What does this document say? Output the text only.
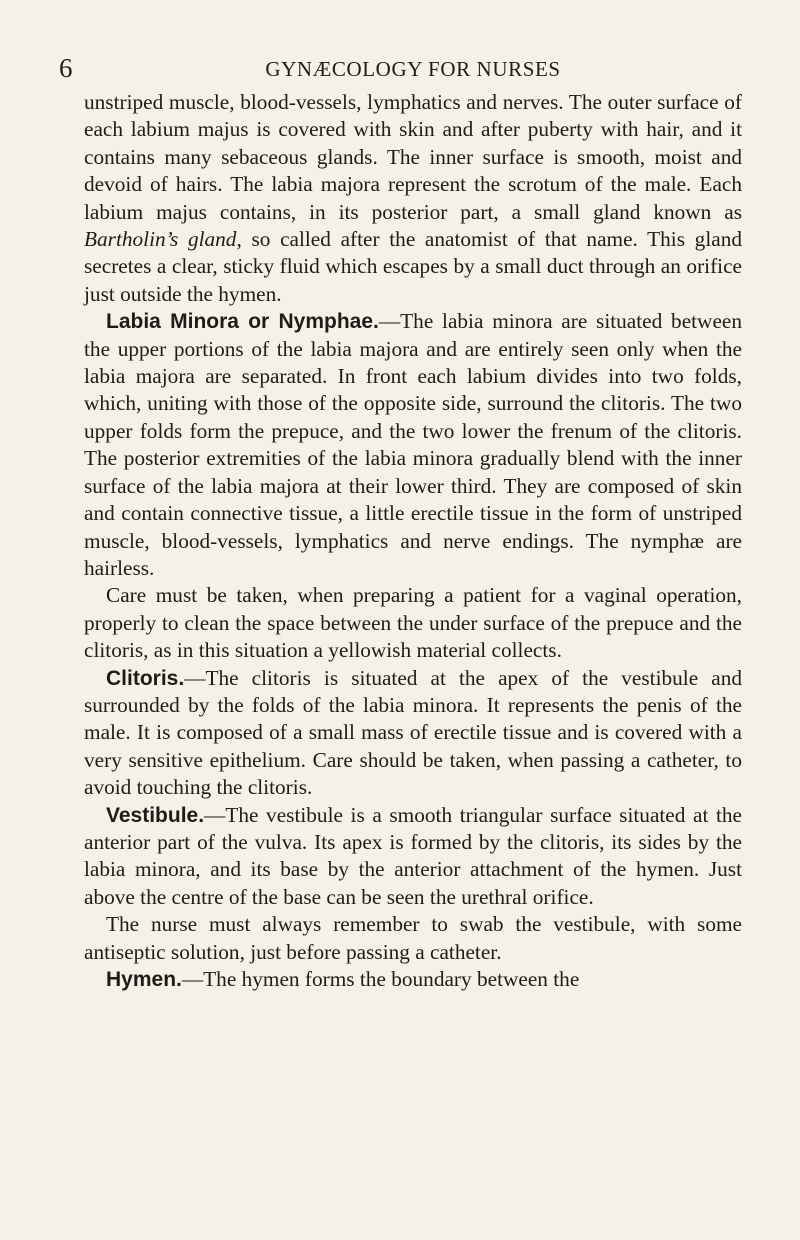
6	GYNÆCOLOGY FOR NURSES

unstriped muscle, blood-vessels, lymphatics and nerves. The outer surface of each labium majus is covered with skin and after puberty with hair, and it contains many sebaceous glands. The inner surface is smooth, moist and devoid of hairs. The labia majora represent the scrotum of the male. Each labium majus contains, in its posterior part, a small gland known as Bartholin’s gland, so called after the anatomist of that name. This gland secretes a clear, sticky fluid which escapes by a small duct through an orifice just outside the hymen.

Labia Minora or Nymphae.—The labia minora are situated between the upper portions of the labia majora and are entirely seen only when the labia majora are separated. In front each labium divides into two folds, which, uniting with those of the opposite side, surround the clitoris. The two upper folds form the prepuce, and the two lower the frenum of the clitoris. The posterior extremities of the labia minora gradually blend with the inner surface of the labia majora at their lower third. They are composed of skin and contain connective tissue, a little erectile tissue in the form of unstriped muscle, blood-vessels, lymphatics and nerve endings. The nymphæ are hairless.

Care must be taken, when preparing a patient for a vaginal operation, properly to clean the space between the under surface of the prepuce and the clitoris, as in this situation a yellowish material collects.

Clitoris.—The clitoris is situated at the apex of the vestibule and surrounded by the folds of the labia minora. It represents the penis of the male. It is composed of a small mass of erectile tissue and is covered with a very sensitive epithelium. Care should be taken, when passing a catheter, to avoid touching the clitoris.

Vestibule.—The vestibule is a smooth triangular surface situated at the anterior part of the vulva. Its apex is formed by the clitoris, its sides by the labia minora, and its base by the anterior attachment of the hymen. Just above the centre of the base can be seen the urethral orifice.

The nurse must always remember to swab the vestibule, with some antiseptic solution, just before passing a catheter.

Hymen.—The hymen forms the boundary between the
